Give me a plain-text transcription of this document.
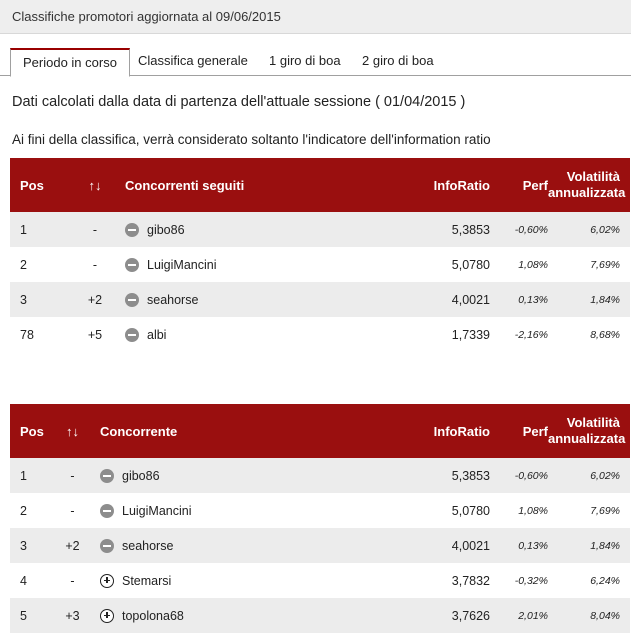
Classifiche promotori aggiornata al 09/06/2015
Periodo in corso	Classifica generale 1 giro di boa 2 giro di boa
Dati calcolati dalla data di partenza dell'attuale sessione ( 01/04/2015 )
Ai fini della classifica, verrà considerato soltanto l'indicatore dell'information ratio
Pos	↑↓	Concorrenti seguiti	InfoRatio	Perf	Volatilità
annualizzata
1	-	gibo86	5,3853	-0,60%	6,02%
2	-	LuigiMancini	5,0780	1,08%	7,69%
3	+2	seahorse	4,0021	0,13%	1,84%
78	+5	albi	1,7339	-2,16%	8,68%
Pos	↑↓	Concorrente	InfoRatio	Perf	Volatilità
annualizzata
1	-	gibo86	5,3853	-0,60%	6,02%
2	-	LuigiMancini	5,0780	1,08%	7,69%
3	+2	seahorse	4,0021	0,13%	1,84%
4	-	Stemarsi	3,7832	-0,32%	6,24%
5	+3	topolona68	3,7626	2,01%	8,04%
